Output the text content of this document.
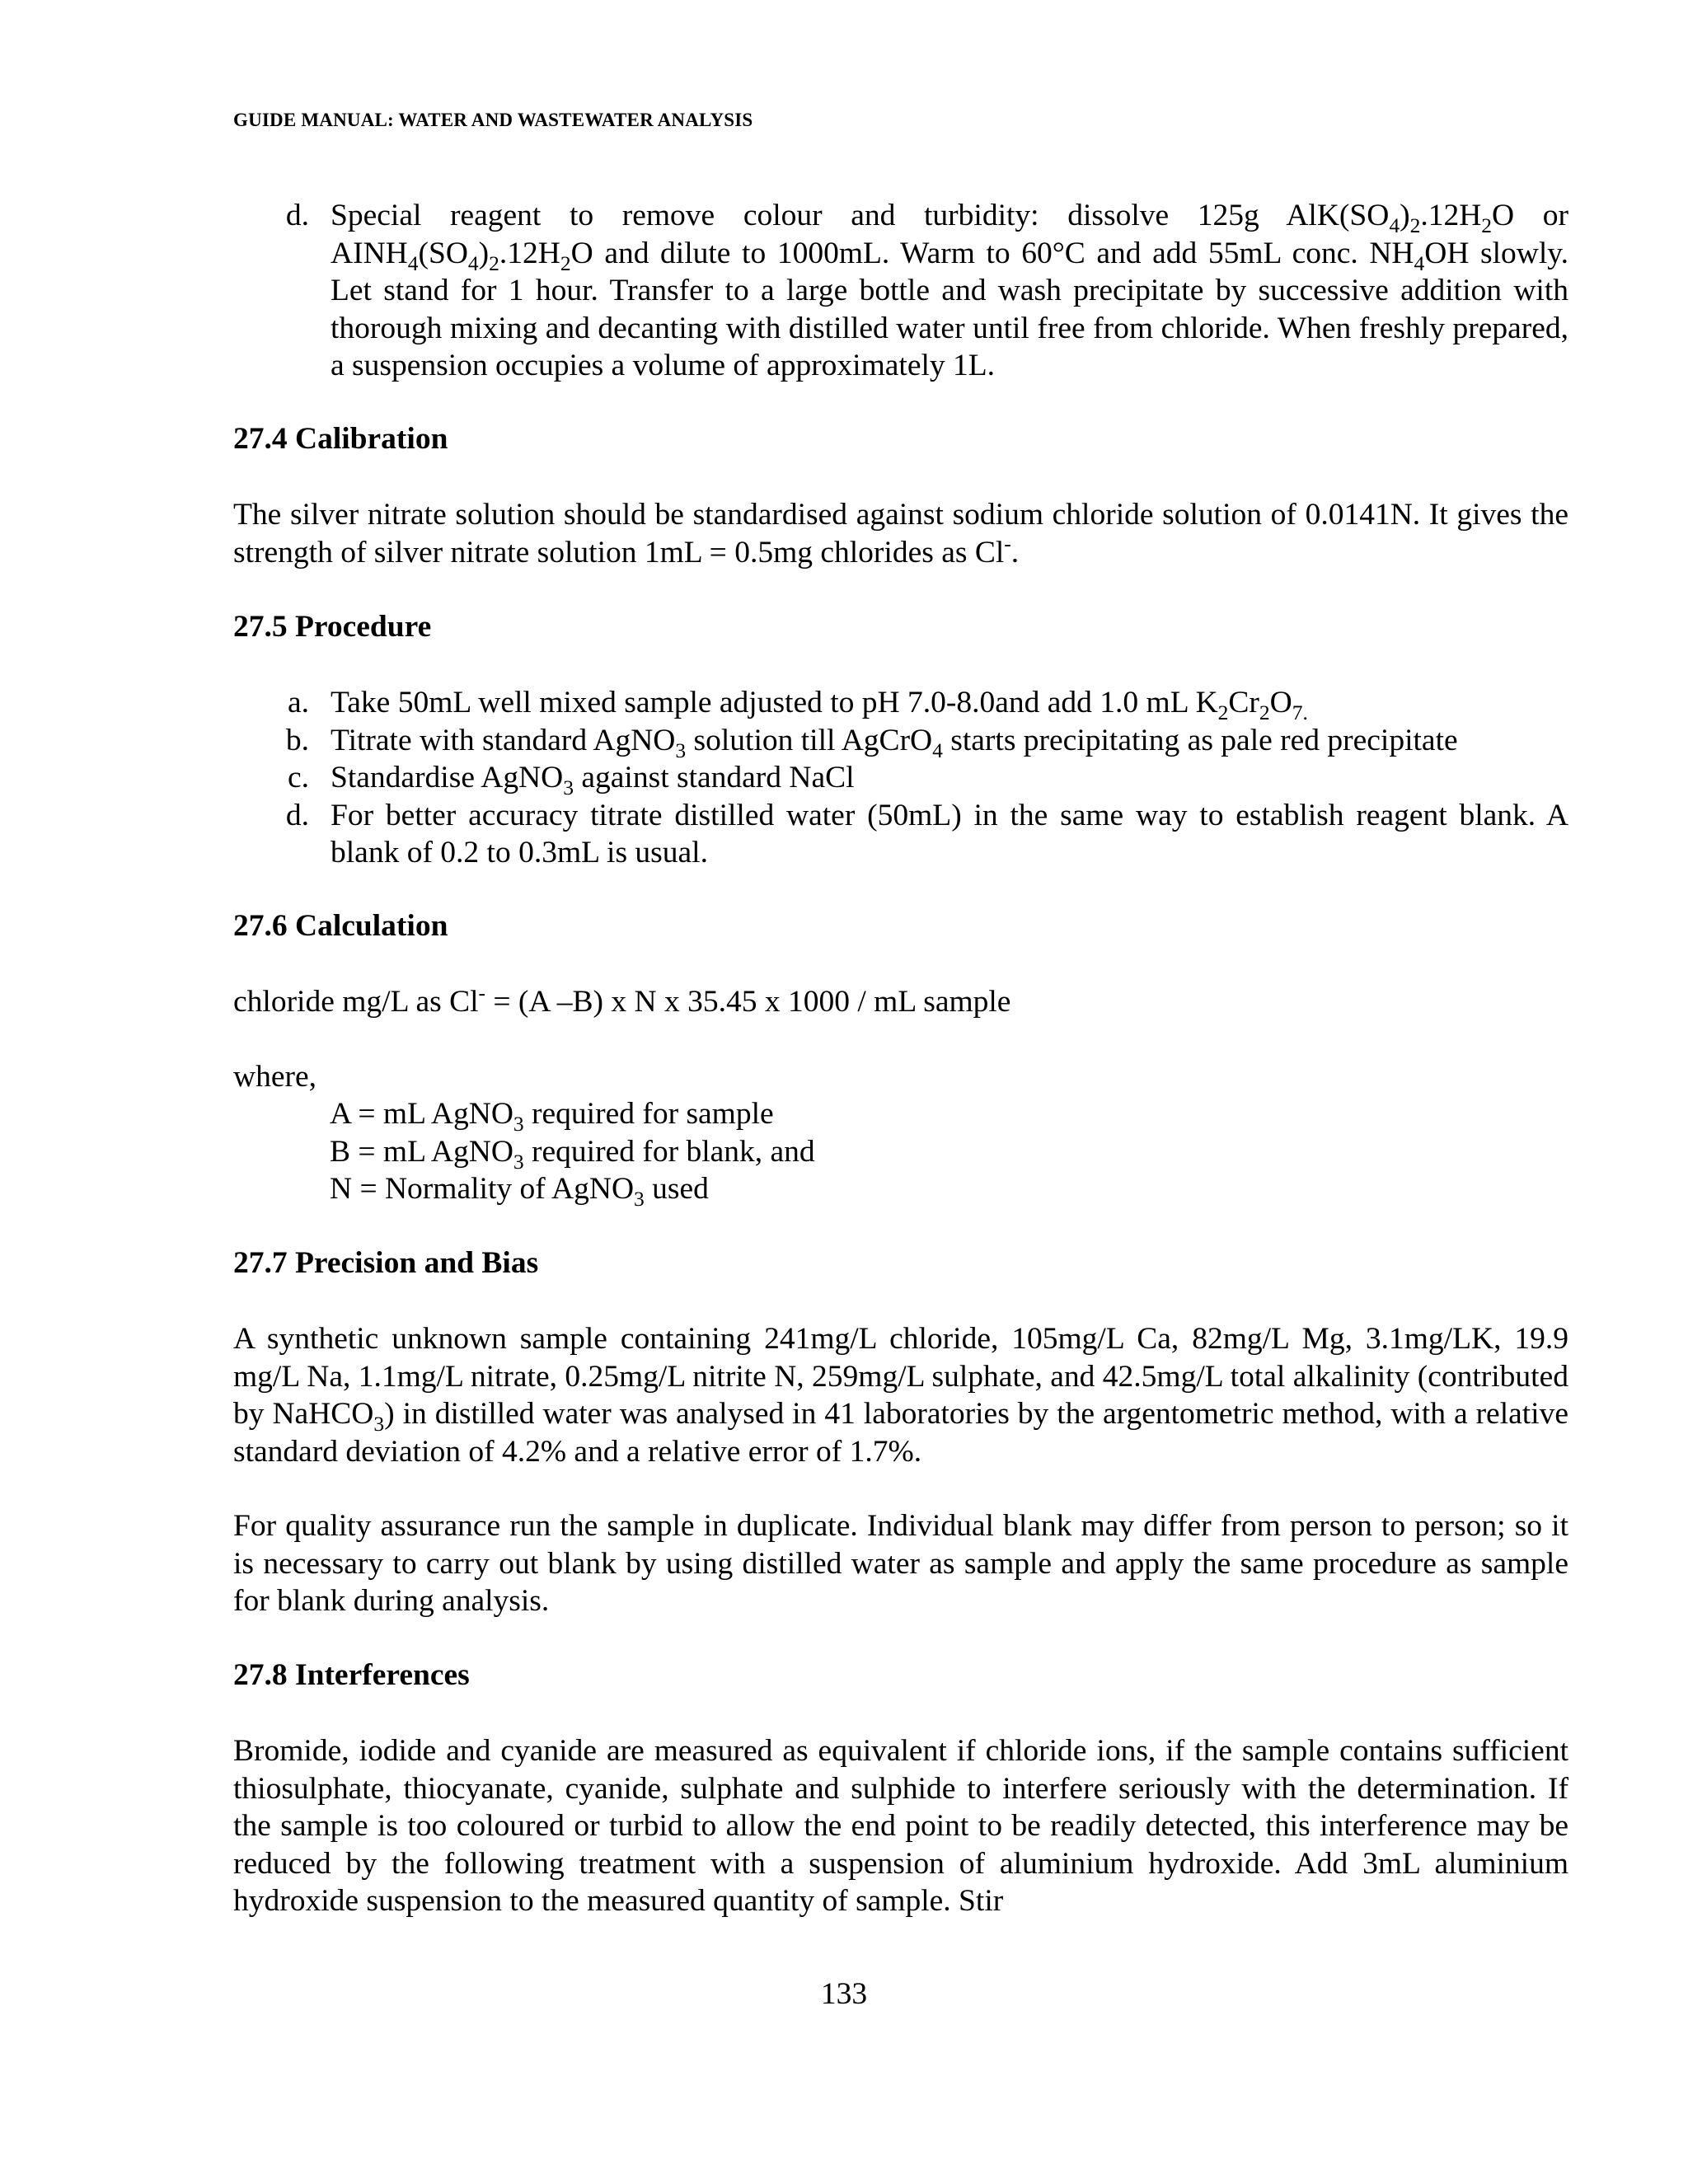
GUIDE MANUAL: WATER AND WASTEWATER ANALYSIS
d. Special reagent to remove colour and turbidity: dissolve 125g $AlK(SO_4)_2.12H_2O$ or $AINH_4(SO_4)_2.12H_2O$ and dilute to 1000mL. Warm to 60°C and add 55mL conc. $NH_4OH$ slowly. Let stand for 1 hour. Transfer to a large bottle and wash precipitate by successive addition with thorough mixing and decanting with distilled water until free from chloride. When freshly prepared, a suspension occupies a volume of approximately 1L.
27.4 Calibration
The silver nitrate solution should be standardised against sodium chloride solution of 0.0141N. It gives the strength of silver nitrate solution 1mL = 0.5mg chlorides as Cl-.
27.5 Procedure
a. Take 50mL well mixed sample adjusted to pH 7.0-8.0and add 1.0 mL $K_2Cr_2O_{7.}$
b. Titrate with standard AgNO$_3$ solution till AgCrO$_4$ starts precipitating as pale red precipitate
c. Standardise AgNO$_3$ against standard NaCl
d. For better accuracy titrate distilled water (50mL) in the same way to establish reagent blank. A blank of 0.2 to 0.3mL is usual.
27.6 Calculation
chloride mg/L as Cl- = (A –B) x N x 35.45 x 1000 / mL sample
where,
A = mL AgNO$_3$ required for sample
B = mL AgNO$_3$ required for blank, and
N = Normality of AgNO$_3$ used
27.7 Precision and Bias
A synthetic unknown sample containing 241mg/L chloride, 105mg/L Ca, 82mg/L Mg, 3.1mg/LK, 19.9 mg/L Na, 1.1mg/L nitrate, 0.25mg/L nitrite N, 259mg/L sulphate, and 42.5mg/L total alkalinity (contributed by NaHCO$_3$) in distilled water was analysed in 41 laboratories by the argentometric method, with a relative standard deviation of 4.2% and a relative error of 1.7%.
For quality assurance run the sample in duplicate. Individual blank may differ from person to person; so it is necessary to carry out blank by using distilled water as sample and apply the same procedure as sample for blank during analysis.
27.8 Interferences
Bromide, iodide and cyanide are measured as equivalent if chloride ions, if the sample contains sufficient thiosulphate, thiocyanate, cyanide, sulphate and sulphide to interfere seriously with the determination. If the sample is too coloured or turbid to allow the end point to be readily detected, this interference may be reduced by the following treatment with a suspension of aluminium hydroxide. Add 3mL aluminium hydroxide suspension to the measured quantity of sample. Stir
133
